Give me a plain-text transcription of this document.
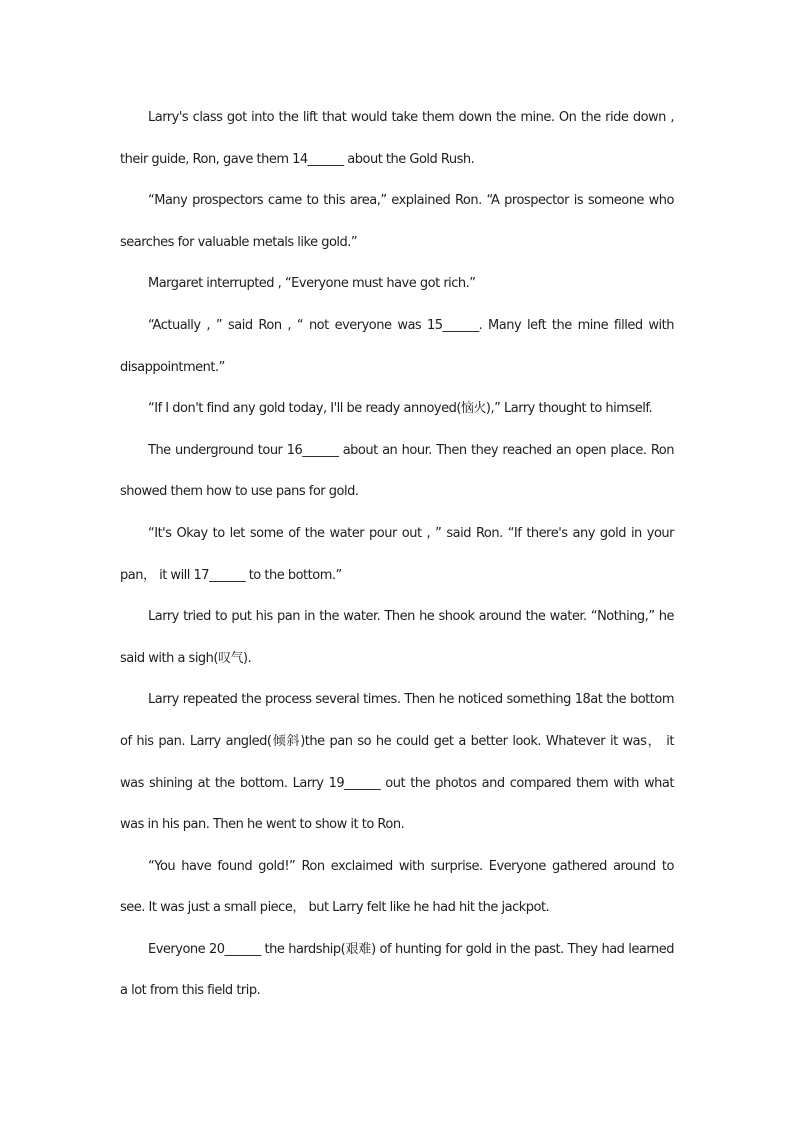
Larry's class got into the lift that would take them down the mine. On the ride down , their guide, Ron, gave them 14______ about the Gold Rush.

“Many prospectors came to this area,” explained Ron. “A prospector is someone who searches for valuable metals like gold.”

Margaret interrupted , “Everyone must have got rich.”

“Actually , ” said Ron , “ not everyone was 15______. Many left the mine filled with disappointment.”

“If I don't find any gold today, I'll be ready annoyed(恼火),” Larry thought to himself.

The underground tour 16______ about an hour. Then they reached an open place. Ron showed them how to use pans for gold.

“It's Okay to let some of the water pour out , ” said Ron. “If there's any gold in your pan， it will 17______ to the bottom.”

Larry tried to put his pan in the water. Then he shook around the water. “Nothing,” he said with a sigh(叹气).

Larry repeated the process several times. Then he noticed something 18at the bottom of his pan. Larry angled(倾斜)the pan so he could get a better look. Whatever it was， it was shining at the bottom. Larry 19______ out the photos and compared them with what was in his pan. Then he went to show it to Ron.

“You have found gold!” Ron exclaimed with surprise. Everyone gathered around to see. It was just a small piece， but Larry felt like he had hit the jackpot.

Everyone 20______ the hardship(艰难) of hunting for gold in the past. They had learned a lot from this field trip.
